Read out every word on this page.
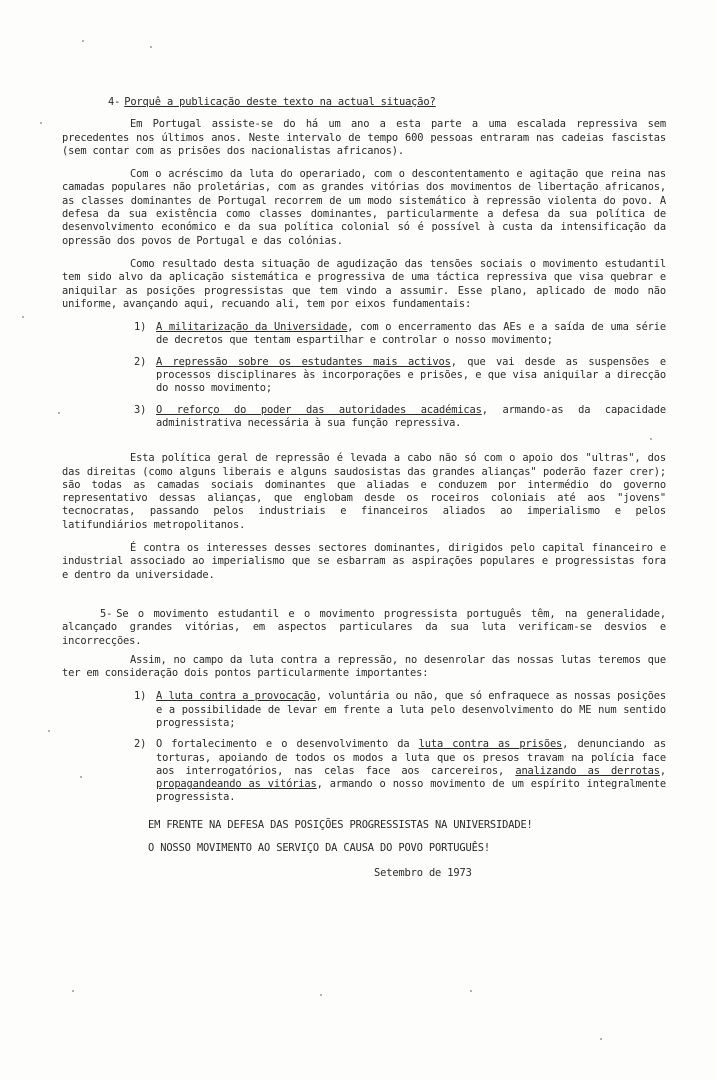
4- Porquê a publicação deste texto na actual situação?
Em Portugal assiste-se do há um ano a esta parte a uma escalada repressiva sem precedentes nos últimos anos. Neste intervalo de tempo 600 pessoas entraram nas cadeias fascistas (sem contar com as prisões dos nacionalistas africanos).
Com o acréscimo da luta do operariado, com o descontentamento e agitação que reina nas camadas populares não proletárias, com as grandes vitórias dos movimentos de libertação africanos, as classes dominantes de Portugal recorrem de um modo sistemático à repressão violenta do povo. A defesa da sua existência como classes dominantes, particularmente a defesa da sua política de desenvolvimento económico e da sua política colonial só é possível à custa da intensificação da opressão dos povos de Portugal e das colónias.
Como resultado desta situação de agudização das tensões sociais o movimento estudantil tem sido alvo da aplicação sistemática e progressiva de uma táctica repressiva que visa quebrar e aniquilar as posições progressistas que tem vindo a assumir. Esse plano, aplicado de modo não uniforme, avançando aqui, recuando ali, tem por eixos fundamentais:
1) A militarização da Universidade, com o encerramento das AEs e a saída de uma série de decretos que tentam espartilhar e controlar o nosso movimento;
2) A repressão sobre os estudantes mais activos, que vai desde as suspensões e processos disciplinares às incorporações e prisões, e que visa aniquilar a direcção do nosso movimento;
3) O reforço do poder das autoridades académicas, armando-as da capacidade administrativa necessária à sua função repressiva.
Esta política geral de repressão é levada a cabo não só com o apoio dos "ultras", dos das direitas (como alguns liberais e alguns saudosistas das grandes alianças" poderão fazer crer); são todas as camadas sociais dominantes que aliadas e conduzem por intermédio do governo representativo dessas alianças, que englobam desde os roceiros coloniais até aos "jovens" tecnocratas, passando pelos industriais e financeiros aliados ao imperialismo e pelos latifundiários metropolitanos.
É contra os interesses desses sectores dominantes, dirigidos pelo capital financeiro e industrial associado ao imperialismo que se esbarram as aspirações populares e progressistas fora e dentro da universidade.
5- Se o movimento estudantil e o movimento progressista português têm, na generalidade, alcançado grandes vitórias, em aspectos particulares da sua luta verificam-se desvios e incorrecções.
Assim, no campo da luta contra a repressão, no desenrolar das nossas lutas teremos que ter em consideração dois pontos particularmente importantes:
1) A luta contra a provocação, voluntária ou não, que só enfraquece as nossas posições e a possibilidade de levar em frente a luta pelo desenvolvimento do ME num sentido progressista;
2) O fortalecimento e o desenvolvimento da luta contra as prisões, denunciando as torturas, apoiando de todos os modos a luta que os presos travam na polícia face aos interrogatórios, nas celas face aos carcereiros, analizando as derrotas, propagandeando as vitórias, armando o nosso movimento de um espírito integralmente progressista.
EM FRENTE NA DEFESA DAS POSIÇÕES PROGRESSISTAS NA UNIVERSIDADE!
O NOSSO MOVIMENTO AO SERVIÇO DA CAUSA DO POVO PORTUGUÊS!
Setembro de 1973
